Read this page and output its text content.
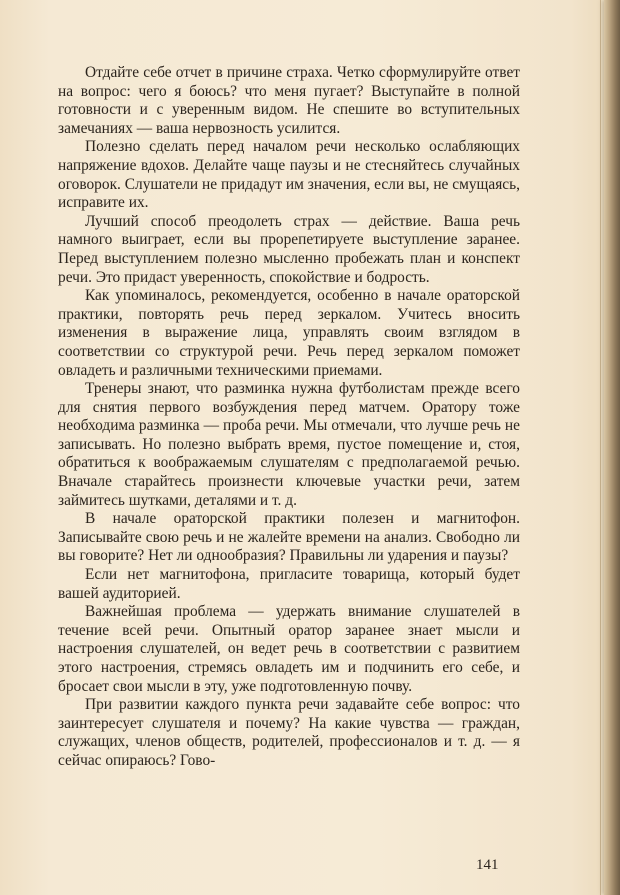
Отдайте себе отчет в причине страха. Четко сформулируйте ответ на вопрос: чего я боюсь? что меня пугает? Выступайте в полной готовности и с уверенным видом. Не спешите во вступительных замечаниях — ваша нервозность усилится.

Полезно сделать перед началом речи несколько ослабляющих напряжение вдохов. Делайте чаще паузы и не стесняйтесь случайных оговорок. Слушатели не придадут им значения, если вы, не смущаясь, исправите их.

Лучший способ преодолеть страх — действие. Ваша речь намного выиграет, если вы прорепетируете выступление заранее. Перед выступлением полезно мысленно пробежать план и конспект речи. Это придаст уверенность, спокойствие и бодрость.

Как упоминалось, рекомендуется, особенно в начале ораторской практики, повторять речь перед зеркалом. Учитесь вносить изменения в выражение лица, управлять своим взглядом в соответствии со структурой речи. Речь перед зеркалом поможет овладеть и различными техническими приемами.

Тренеры знают, что разминка нужна футболистам прежде всего для снятия первого возбуждения перед матчем. Оратору тоже необходима разминка — проба речи. Мы отмечали, что лучше речь не записывать. Но полезно выбрать время, пустое помещение и, стоя, обратиться к воображаемым слушателям с предполагаемой речью. Вначале старайтесь произнести ключевые участки речи, затем займитесь шутками, деталями и т. д.

В начале ораторской практики полезен и магнитофон. Записывайте свою речь и не жалейте времени на анализ. Свободно ли вы говорите? Нет ли однообразия? Правильны ли ударения и паузы?

Если нет магнитофона, пригласите товарища, который будет вашей аудиторией.

Важнейшая проблема — удержать внимание слушателей в течение всей речи. Опытный оратор заранее знает мысли и настроения слушателей, он ведет речь в соответствии с развитием этого настроения, стремясь овладеть им и подчинить его себе, и бросает свои мысли в эту, уже подготовленную почву.

При развитии каждого пункта речи задавайте себе вопрос: что заинтересует слушателя и почему? На какие чувства — граждан, служащих, членов обществ, родителей, профессионалов и т. д. — я сейчас опираюсь? Гово-

141
